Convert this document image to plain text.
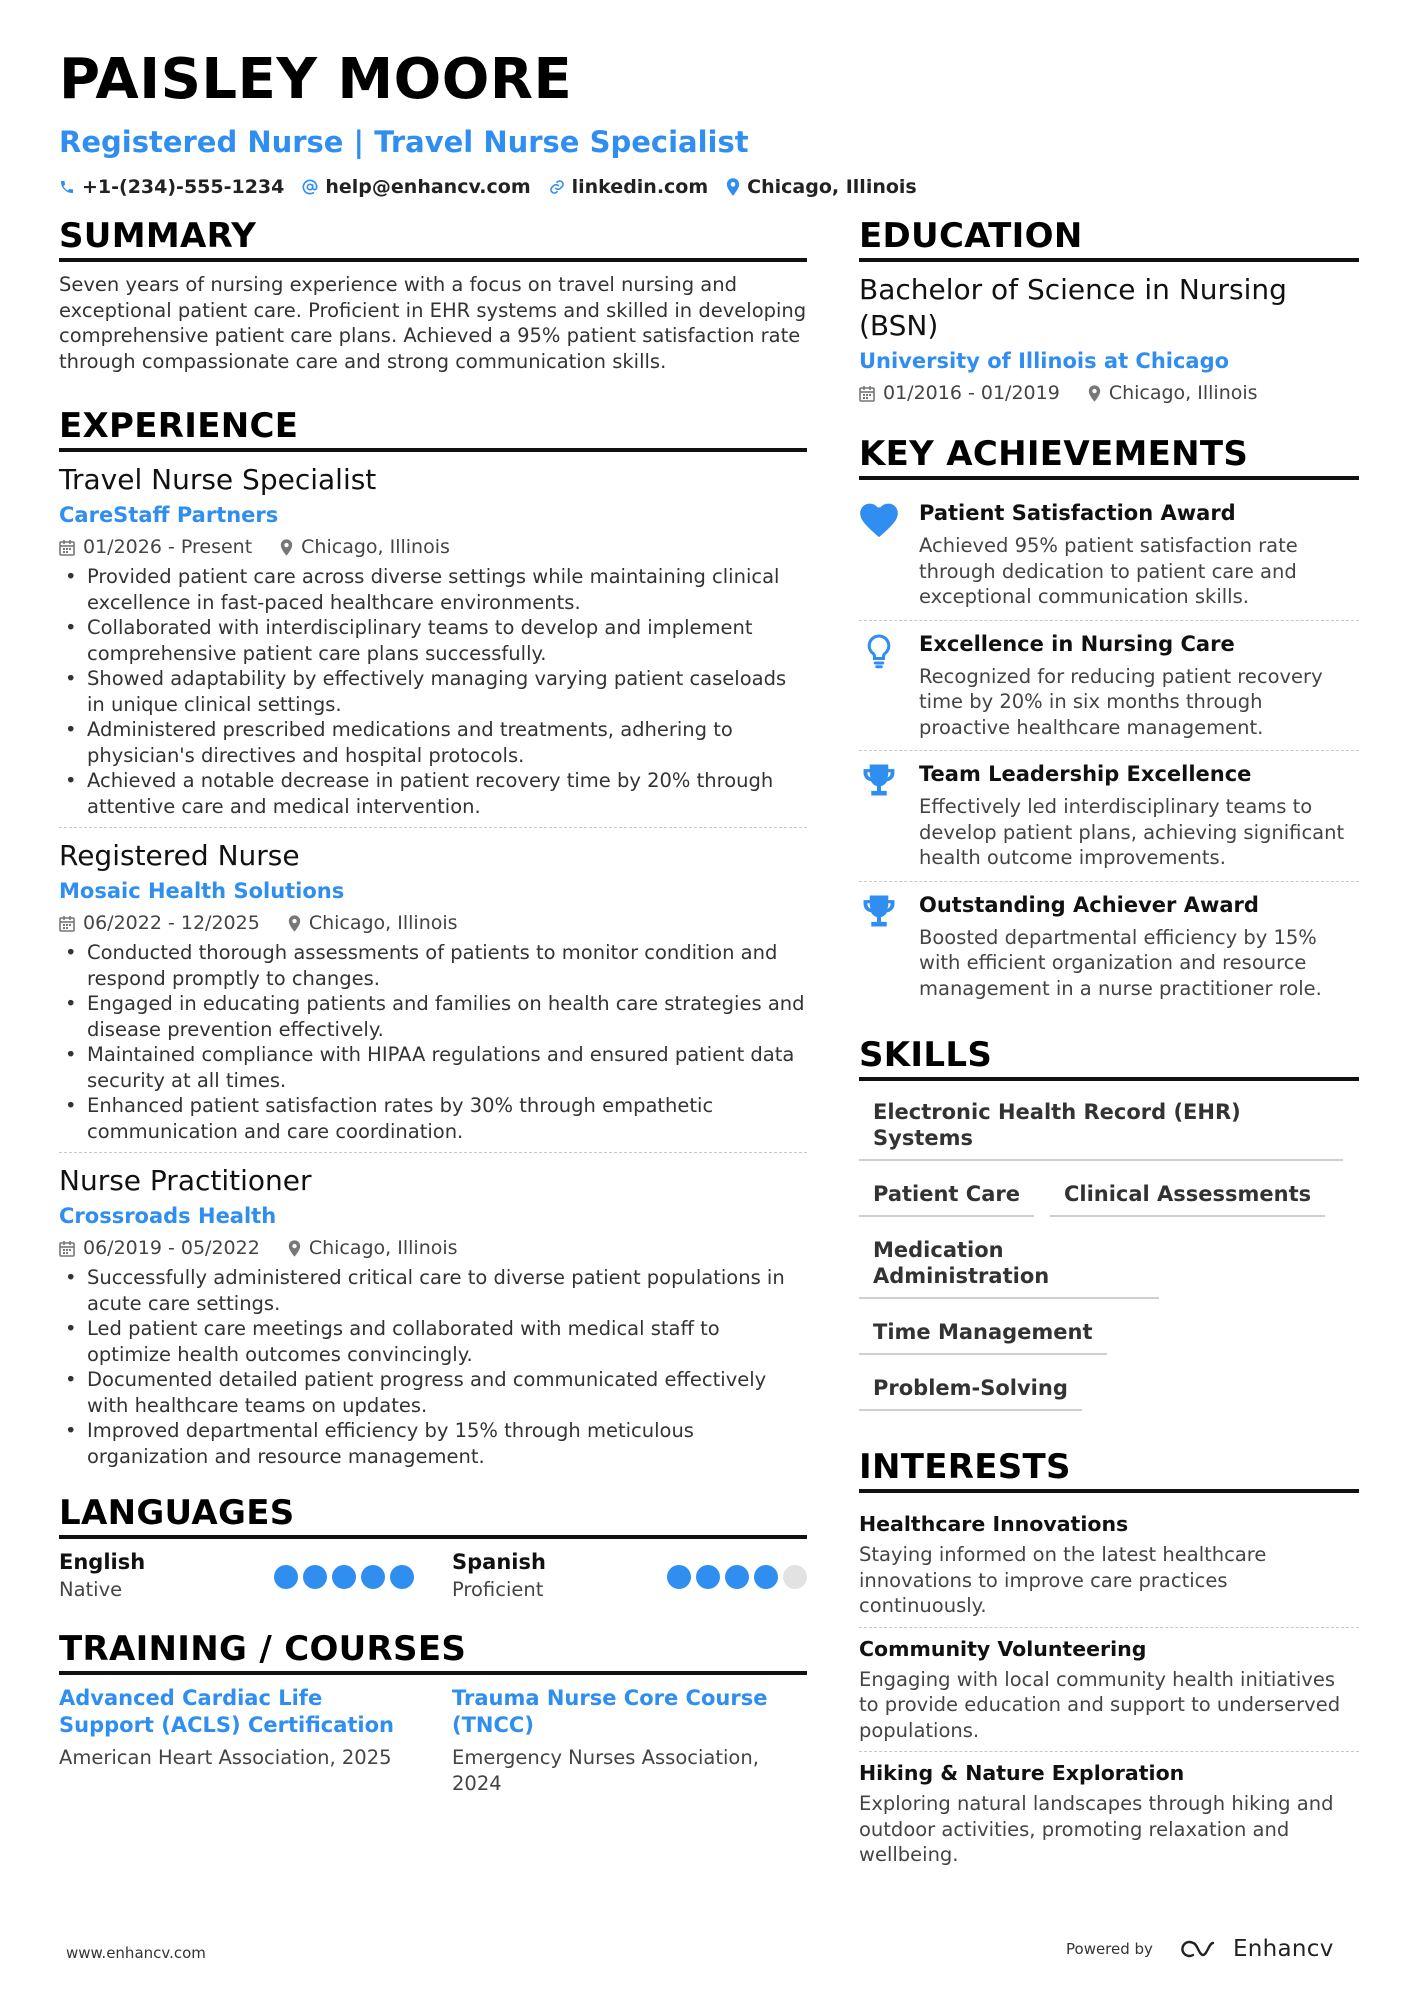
PAISLEY MOORE
Registered Nurse | Travel Nurse Specialist
+1-(234)-555-1234 help@enhancv.com linkedin.com Chicago, Illinois
SUMMARY
Seven years of nursing experience with a focus on travel nursing and exceptional patient care. Proficient in EHR systems and skilled in developing comprehensive patient care plans. Achieved a 95% patient satisfaction rate through compassionate care and strong communication skills.
EXPERIENCE
Travel Nurse Specialist
CareStaff Partners
01/2026 - Present	Chicago, Illinois
• Provided patient care across diverse settings while maintaining clinical excellence in fast-paced healthcare environments.
• Collaborated with interdisciplinary teams to develop and implement comprehensive patient care plans successfully.
• Showed adaptability by effectively managing varying patient caseloads in unique clinical settings.
• Administered prescribed medications and treatments, adhering to physician's directives and hospital protocols.
• Achieved a notable decrease in patient recovery time by 20% through attentive care and medical intervention.
Registered Nurse
Mosaic Health Solutions
06/2022 - 12/2025	Chicago, Illinois
• Conducted thorough assessments of patients to monitor condition and respond promptly to changes.
• Engaged in educating patients and families on health care strategies and disease prevention effectively.
• Maintained compliance with HIPAA regulations and ensured patient data security at all times.
• Enhanced patient satisfaction rates by 30% through empathetic communication and care coordination.
Nurse Practitioner
Crossroads Health
06/2019 - 05/2022	Chicago, Illinois
• Successfully administered critical care to diverse patient populations in acute care settings.
• Led patient care meetings and collaborated with medical staff to optimize health outcomes convincingly.
• Documented detailed patient progress and communicated effectively with healthcare teams on updates.
• Improved departmental efficiency by 15% through meticulous organization and resource management.
LANGUAGES
English
Native
Spanish
Proficient
TRAINING / COURSES
Advanced Cardiac Life Support (ACLS) Certification
American Heart Association, 2025
Trauma Nurse Core Course (TNCC)
Emergency Nurses Association, 2024
EDUCATION
Bachelor of Science in Nursing (BSN)
University of Illinois at Chicago
01/2016 - 01/2019	Chicago, Illinois
KEY ACHIEVEMENTS
Patient Satisfaction Award
Achieved 95% patient satisfaction rate through dedication to patient care and exceptional communication skills.
Excellence in Nursing Care
Recognized for reducing patient recovery time by 20% in six months through proactive healthcare management.
Team Leadership Excellence
Effectively led interdisciplinary teams to develop patient plans, achieving significant health outcome improvements.
Outstanding Achiever Award
Boosted departmental efficiency by 15% with efficient organization and resource management in a nurse practitioner role.
SKILLS
Electronic Health Record (EHR) Systems
Patient Care	Clinical Assessments
Medication Administration
Time Management
Problem-Solving
INTERESTS
Healthcare Innovations
Staying informed on the latest healthcare innovations to improve care practices continuously.
Community Volunteering
Engaging with local community health initiatives to provide education and support to underserved populations.
Hiking & Nature Exploration
Exploring natural landscapes through hiking and outdoor activities, promoting relaxation and wellbeing.
www.enhancv.com	Powered by	Enhancv
